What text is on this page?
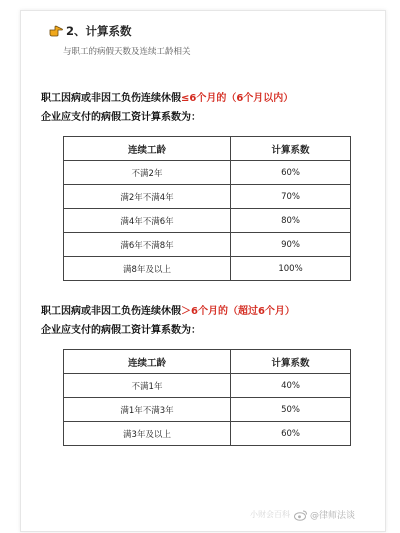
2、计算系数
与职工的病假天数及连续工龄相关
职工因病或非因工负伤连续休假≤6个月的（6个月以内）
企业应支付的病假工资计算系数为：
连续工龄	计算系数
不满2年	60%
满2年不满4年	70%
满4年不满6年	80%
满6年不满8年	90%
满8年及以上	100%
职工因病或非因工负伤连续休假＞6个月的（超过6个月）
企业应支付的病假工资计算系数为：
连续工龄	计算系数
不满1年	40%
满1年不满3年	50%
满3年及以上	60%
小财会百科 @律师法谈
